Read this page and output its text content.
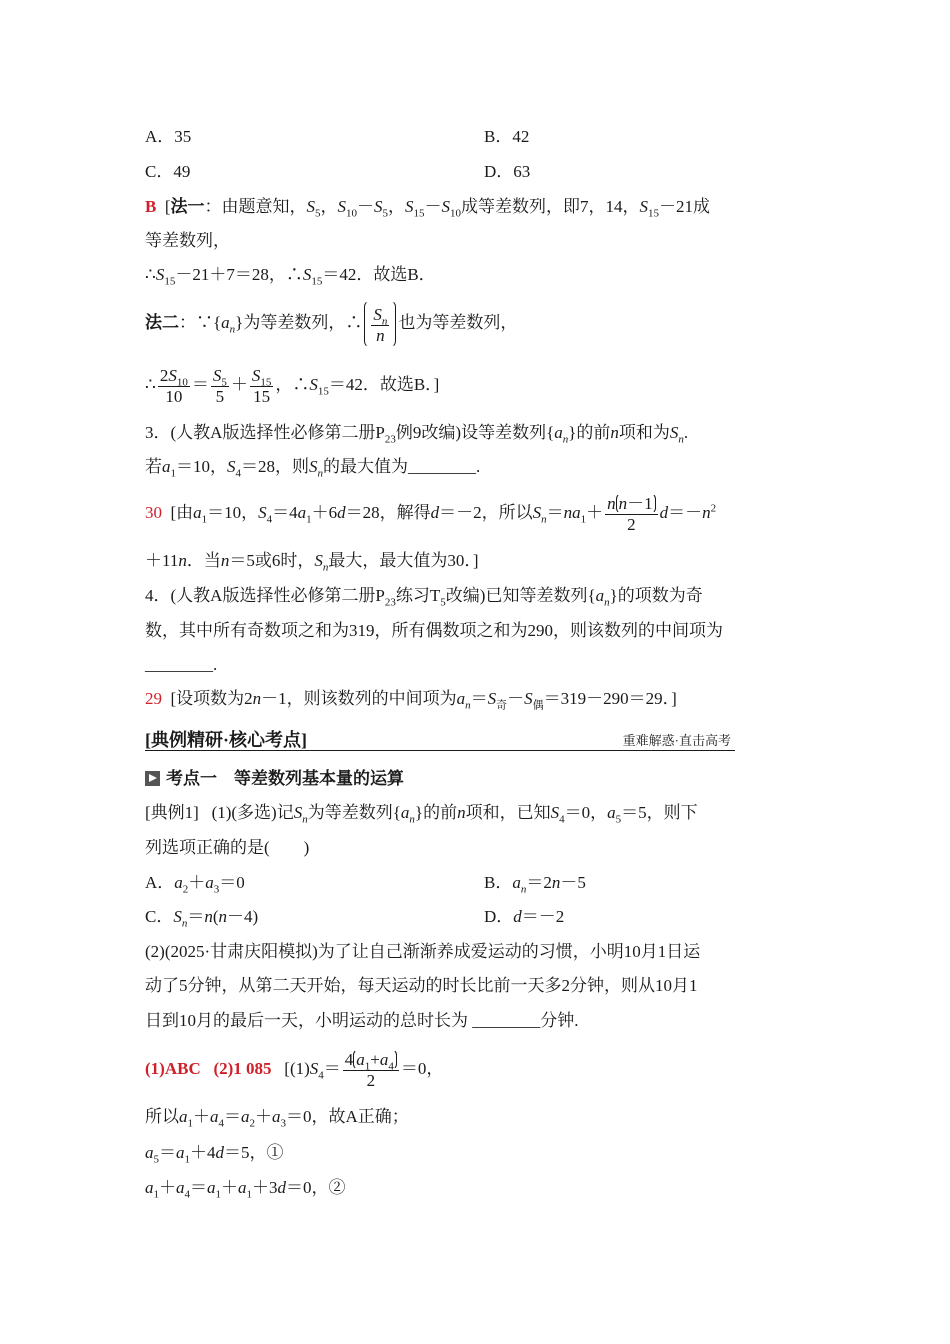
A．35	B．42
C．49	D．63
B [法一：由题意知，$S_5$，$S_{10}-S_5$，$S_{15}-S_{10}$成等差数列，即7，14，$S_{15}-21$成
等差数列，
$\therefore S_{15}-21+7=28$，$\therefore S_{15}=42$．故选B．
法二：$\because\{a_n\}$为等差数列，∴ $\frac{S_n}{n}$ 也为等差数列，
∴ $\frac{2S_{10}}{10} = \frac{S_5}{5} + \frac{S_{15}}{15}$ ，$\therefore S_{15}=42$．故选B．]
3．(人教A版选择性必修第二册$P_{23}$例9改编)设等差数列$\{a_n\}$的前n项和为$S_n$.
若$a_1=10$，$S_4=28$，则$S_n$的最大值为________.
30  [由$a_1=10$，$S_4=4a_1+6d=28$，解得d＝－2，所以$S_n=na_1+ \frac{\text{n n－1}}{2} d=-n^2$
＋11n．当n＝5或6时，$S_n$最大，最大值为30．]
4．(人教A版选择性必修第二册$P_{23}$练习$T_5$改编)已知等差数列$\{a_n\}$的项数为奇
数，其中所有奇数项之和为319，所有偶数项之和为290，则该数列的中间项为
________.
29  [设项数为2n－1，则该数列的中间项为$a_n=S_奇-S_偶=319-290=29$．]
[典例精研·核心考点]	重难解惑·直击高考
考点一　等差数列基本量的运算
[典例1]   (1)(多选)记$S_n$为等差数列$\{a_n\}$的前n项和，已知$S_4=0$，$a_5=5$，则下
列选项正确的是(　　)
A．$a_2+a_3=0$	B．$a_n=2n-5$
C．$S_n=n(n-4)$	D．d＝－2
(2)(2025·甘肃庆阳模拟)为了让自己渐渐养成爱运动的习惯，小明10月1日运
动了5分钟，从第二天开始，每天运动的时长比前一天多2分钟，则从10月1
日到10月的最后一天，小明运动的总时长为 ________分钟.
(1)ABC (2)1 085   [$(1)S_4= \frac{4 a_1+a_4}{2} =0$，
所以$a_1+a_4=a_2+a_3=0$，故A正确；
$a_5=a_1+4d=5$，①
$a_1+a_4=a_1+a_1+3d=0$，②
